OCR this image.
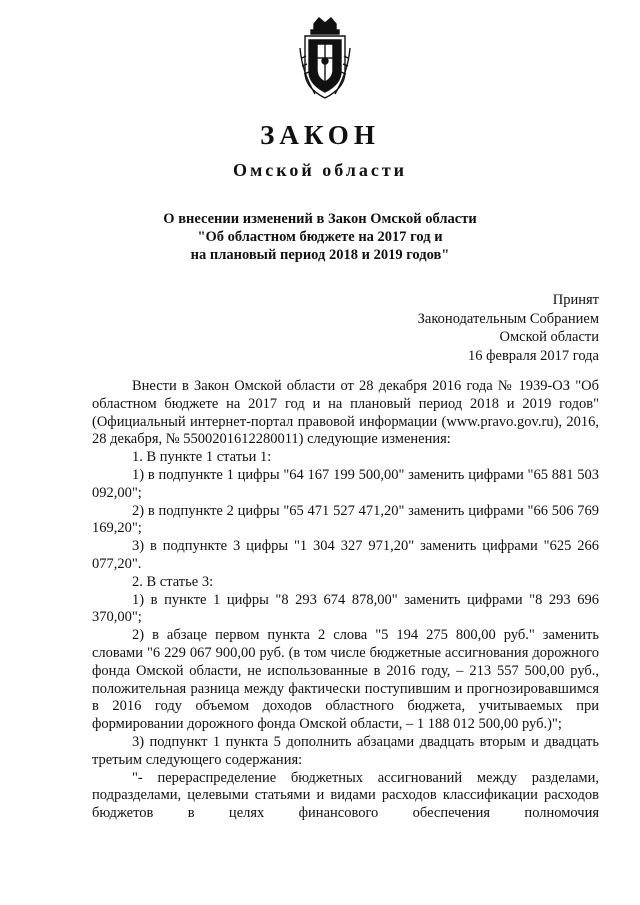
ЗАКОН
Омской области
О внесении изменений в Закон Омской области
"Об областном бюджете на 2017 год и
на плановый период 2018 и 2019 годов"
Принят
Законодательным Собранием
Омской области
16 февраля 2017 года

Внести в Закон Омской области от 28 декабря 2016 года № 1939-ОЗ "Об областном бюджете на 2017 год и на плановый период 2018 и 2019 годов" (Официальный интернет-портал правовой информации (www.pravo.gov.ru), 2016, 28 декабря, № 5500201612280011) следующие изменения:

1. В пункте 1 статьи 1:

1) в подпункте 1 цифры "64 167 199 500,00" заменить цифрами "65 881 503 092,00";

2) в подпункте 2 цифры "65 471 527 471,20" заменить цифрами "66 506 769 169,20";

3) в подпункте 3 цифры "1 304 327 971,20" заменить цифрами "625 266 077,20".

2. В статье 3:

1) в пункте 1 цифры "8 293 674 878,00" заменить цифрами "8 293 696 370,00";

2) в абзаце первом пункта 2 слова "5 194 275 800,00 руб." заменить словами "6 229 067 900,00 руб. (в том числе бюджетные ассигнования дорожного фонда Омской области, не использованные в 2016 году, – 213 557 500,00 руб., положительная разница между фактически поступившим и прогнозировавшимся в 2016 году объемом доходов областного бюджета, учитываемых при формировании дорожного фонда Омской области, – 1 188 012 500,00 руб.)";

3) подпункт 1 пункта 5 дополнить абзацами двадцать вторым и двадцать третьим следующего содержания:

"- перераспределение бюджетных ассигнований между разделами, подразделами, целевыми статьями и видами расходов классификации расходов бюджетов в целях финансового обеспечения полномочия
